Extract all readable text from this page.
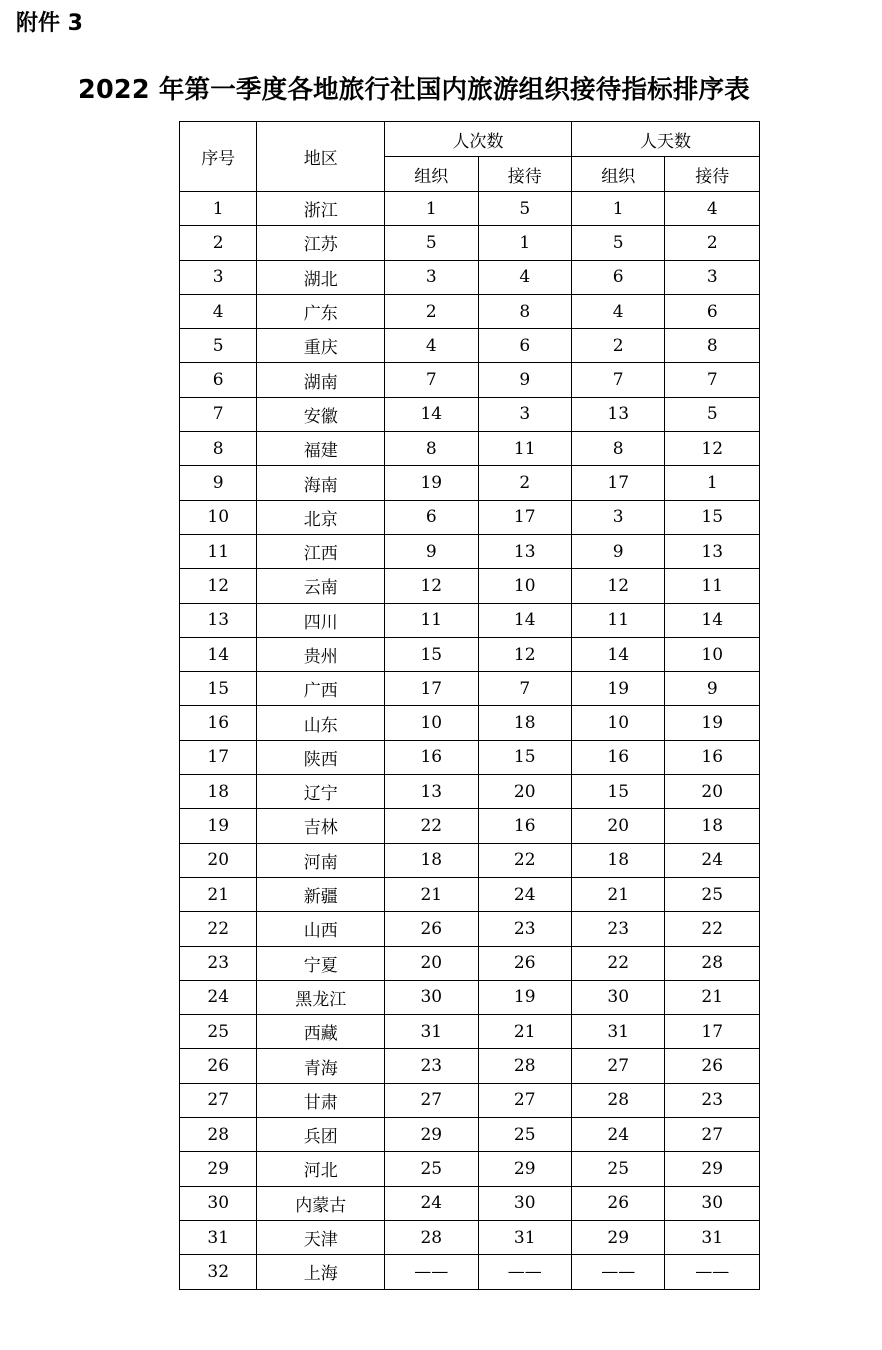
附件 3
2022 年第一季度各地旅行社国内旅游组织接待指标排序表
序号	地区	人次数		人天数	
		组织	接待	组织	接待
1	浙江	1	5	1	4
2	江苏	5	1	5	2
3	湖北	3	4	6	3
4	广东	2	8	4	6
5	重庆	4	6	2	8
6	湖南	7	9	7	7
7	安徽	14	3	13	5
8	福建	8	11	8	12
9	海南	19	2	17	1
10	北京	6	17	3	15
11	江西	9	13	9	13
12	云南	12	10	12	11
13	四川	11	14	11	14
14	贵州	15	12	14	10
15	广西	17	7	19	9
16	山东	10	18	10	19
17	陕西	16	15	16	16
18	辽宁	13	20	15	20
19	吉林	22	16	20	18
20	河南	18	22	18	24
21	新疆	21	24	21	25
22	山西	26	23	23	22
23	宁夏	20	26	22	28
24	黑龙江	30	19	30	21
25	西藏	31	21	31	17
26	青海	23	28	27	26
27	甘肃	27	27	28	23
28	兵团	29	25	24	27
29	河北	25	29	25	29
30	内蒙古	24	30	26	30
31	天津	28	31	29	31
32	上海	——	——	——	——
